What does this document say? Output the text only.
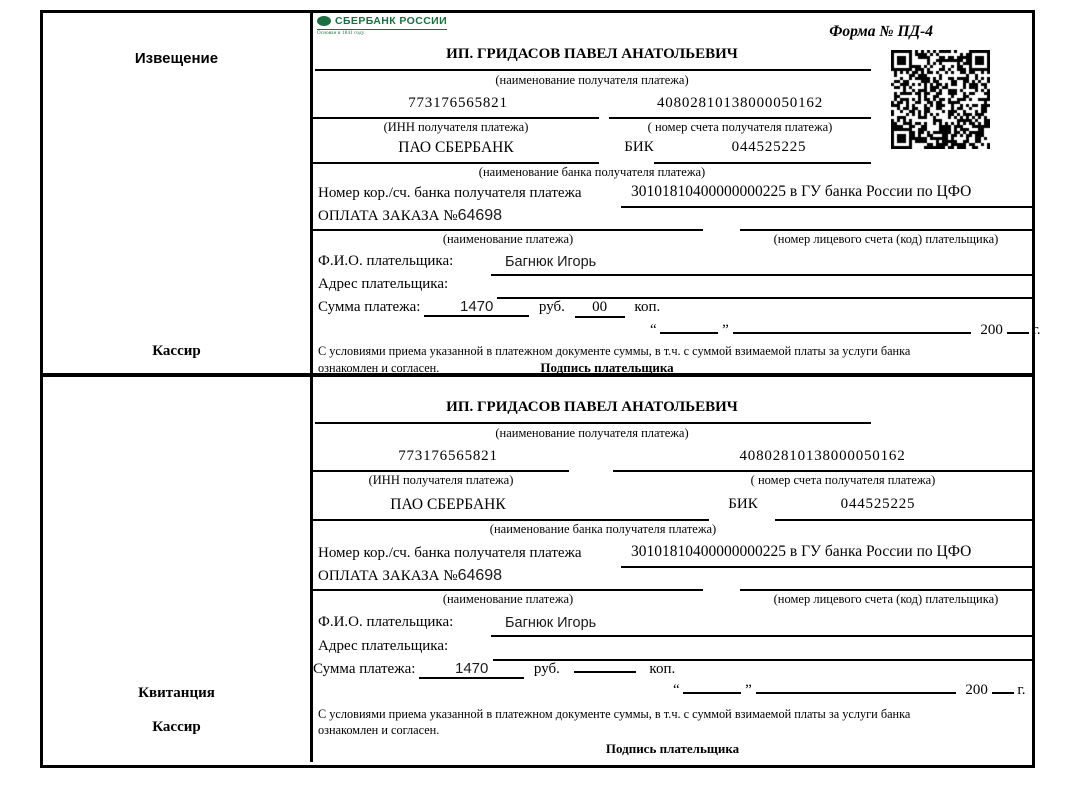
Извещение
Кассир
СБЕРБАНК РОССИИ
Основан в 1841 году	Форма № ПД-4
ИП. ГРИДАСОВ ПАВЕЛ АНАТОЛЬЕВИЧ
(наименование получателя платежа)
773176565821	40802810138000050162
(ИНН получателя платежа)	( номер счета получателя платежа)
ПАО СБЕРБАНК	БИК	044525225
(наименование банка получателя платежа)
Номер кор./сч. банка получателя платежа	30101810400000000225 в ГУ банка России по ЦФО
ОПЛАТА ЗАКАЗА №64698
(наименование платежа)	(номер лицевого счета (код) плательщика)
Ф.И.О. плательщика:	Багнюк Игорь
Адрес плательщика:
Сумма платежа:	1470	руб. 00 коп.
“	”	200 г.
С условиями приема указанной в платежном документе суммы, в т.ч. с суммой взимаемой платы за услуги банка
ознакомлен и согласен.	Подпись плательщика
Квитанция
Кассир
ИП. ГРИДАСОВ ПАВЕЛ АНАТОЛЬЕВИЧ
(наименование получателя платежа)
773176565821	40802810138000050162
(ИНН получателя платежа)	( номер счета получателя платежа)
ПАО СБЕРБАНК	БИК	044525225
(наименование банка получателя платежа)
Номер кор./сч. банка получателя платежа	30101810400000000225 в ГУ банка России по ЦФО
ОПЛАТА ЗАКАЗА №64698
(наименование платежа)	(номер лицевого счета (код) плательщика)
Ф.И.О. плательщика:	Багнюк Игорь
Адрес плательщика:
Сумма платежа:	1470	руб.	коп.
“	”	200 г.
С условиями приема указанной в платежном документе суммы, в т.ч. с суммой взимаемой платы за услуги банка
ознакомлен и согласен.
Подпись плательщика
